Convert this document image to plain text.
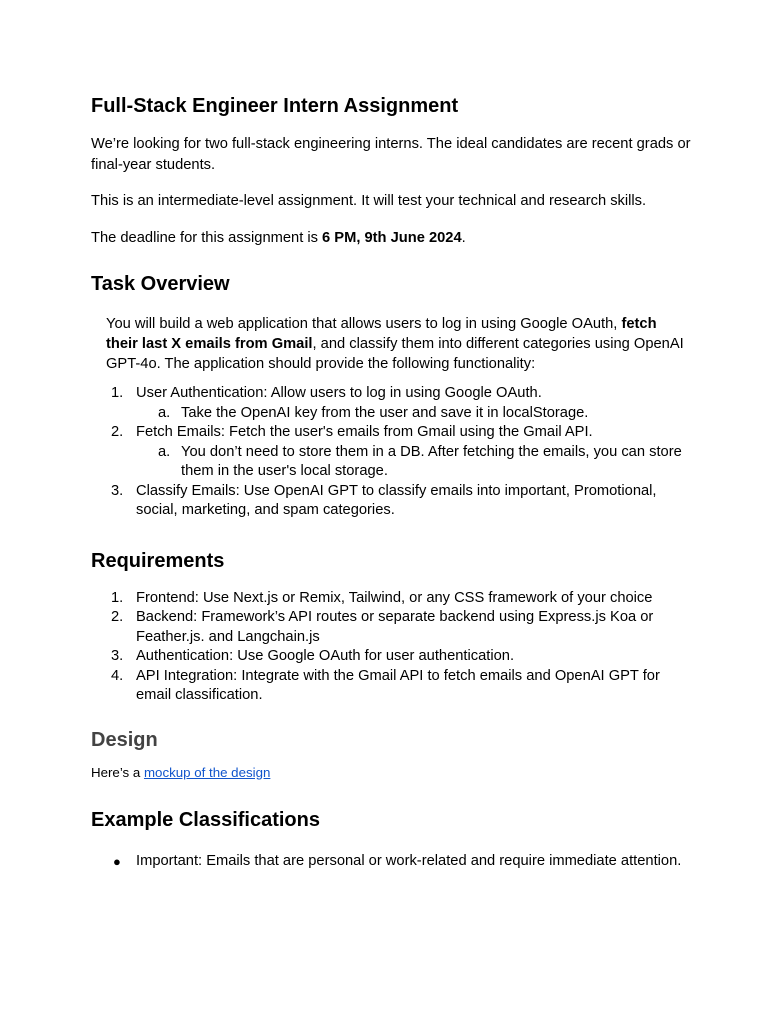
Full-Stack Engineer Intern Assignment

We’re looking for two full-stack engineering interns. The ideal candidates are recent grads or final-year students.

This is an intermediate-level assignment. It will test your technical and research skills.

The deadline for this assignment is 6 PM, 9th June 2024.

Task Overview

You will build a web application that allows users to log in using Google OAuth, fetch their last X emails from Gmail, and classify them into different categories using OpenAI GPT-4o. The application should provide the following functionality:

1. User Authentication: Allow users to log in using Google OAuth.
a. Take the OpenAI key from the user and save it in localStorage.
2. Fetch Emails: Fetch the user's emails from Gmail using the Gmail API.
a. You don’t need to store them in a DB. After fetching the emails, you can store them in the user's local storage.
3. Classify Emails: Use OpenAI GPT to classify emails into important, Promotional, social, marketing, and spam categories.
Requirements
1. Frontend: Use Next.js or Remix, Tailwind, or any CSS framework of your choice
2. Backend: Framework’s API routes or separate backend using Express.js Koa or Feather.js. and Langchain.js
3. Authentication: Use Google OAuth for user authentication.
4. API Integration: Integrate with the Gmail API to fetch emails and OpenAI GPT for email classification.
Design

Here’s a mockup of the design

Example Classifications
● Important: Emails that are personal or work-related and require immediate attention.
